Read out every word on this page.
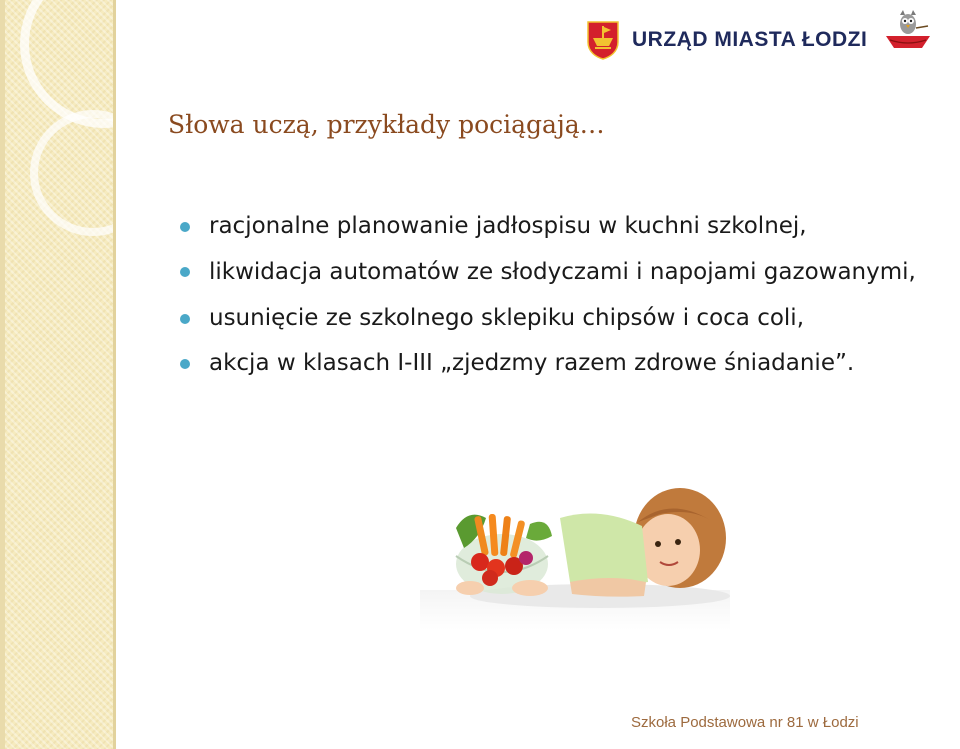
URZĄD MIASTA ŁODZI
Słowa uczą, przykłady pociągają…
racjonalne planowanie jadłospisu w kuchni szkolnej,
likwidacja automatów ze słodyczami i napojami gazowanymi,
usunięcie ze szkolnego sklepiku chipsów i coca coli,
akcja w klasach I-III „zjedzmy razem zdrowe śniadanie”.
Szkoła Podstawowa nr 81 w Łodzi
